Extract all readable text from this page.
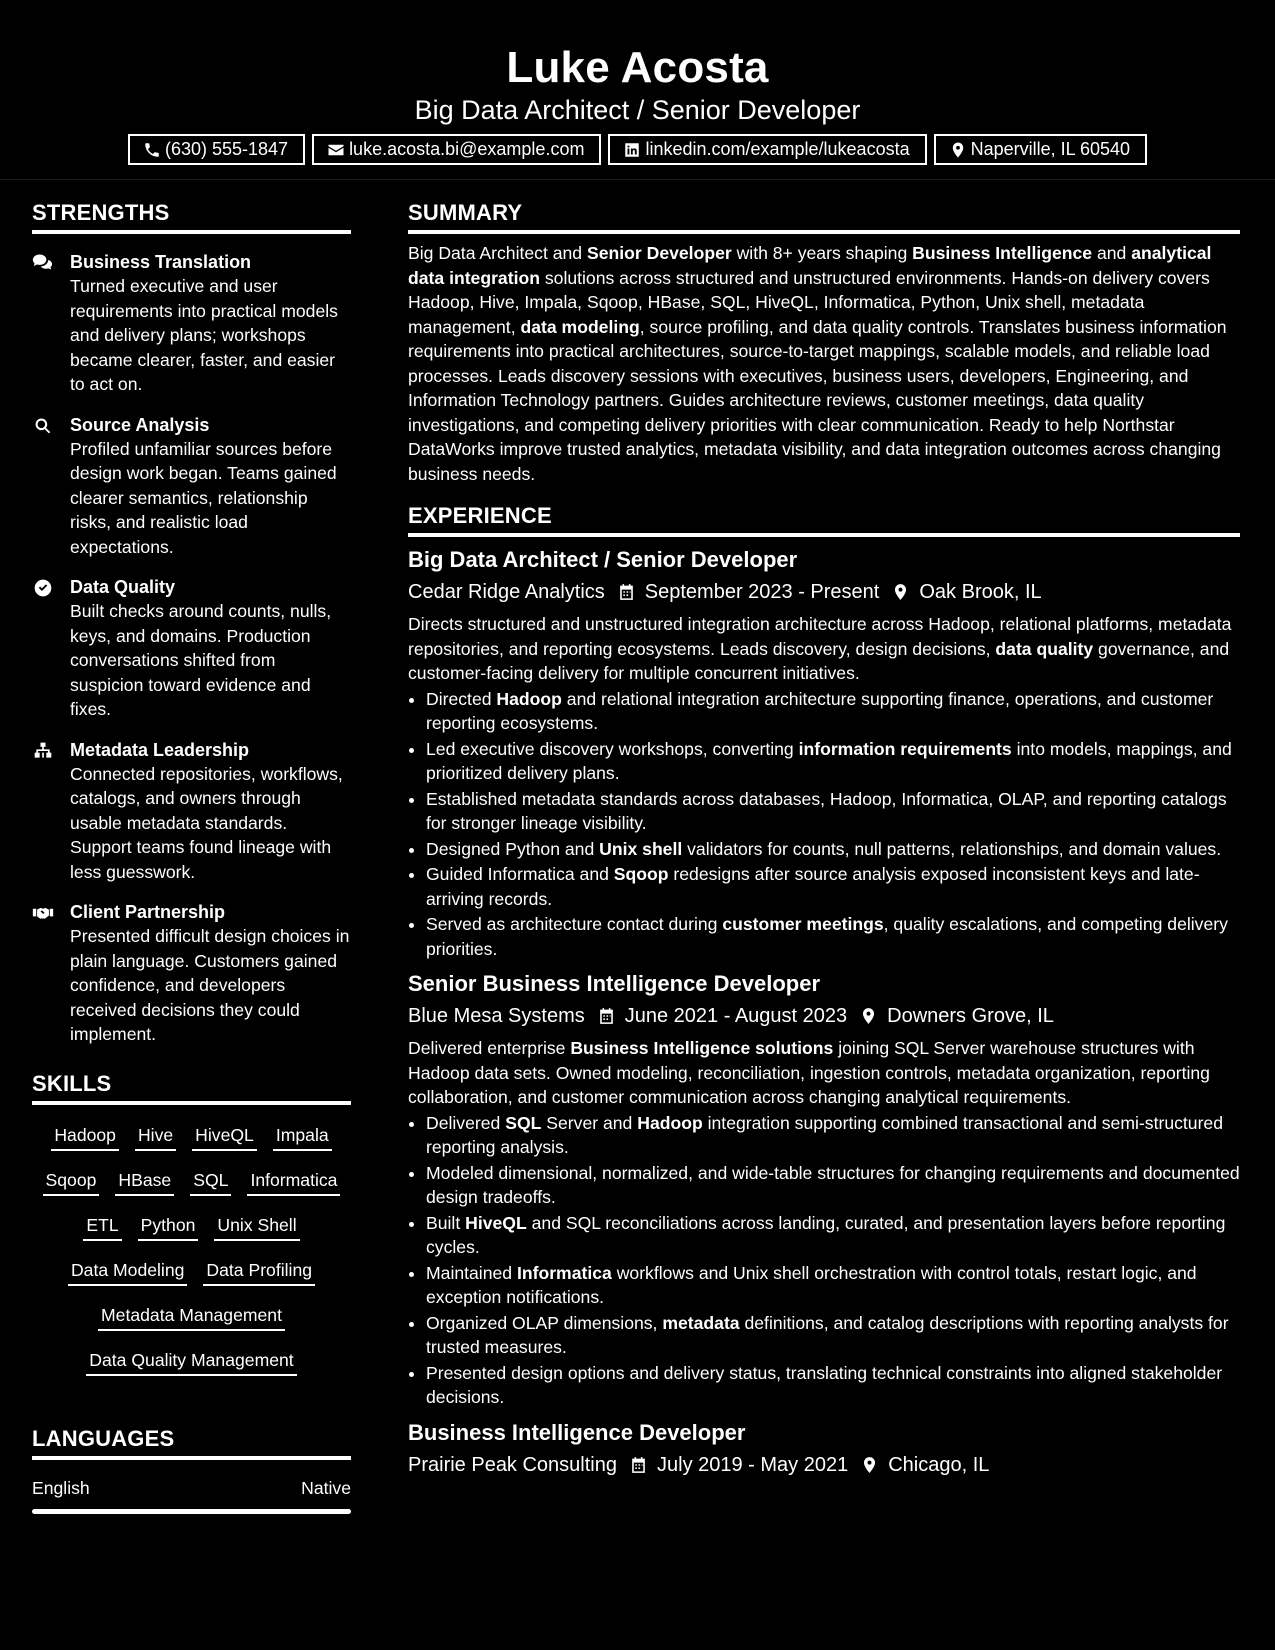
Luke Acosta
Big Data Architect / Senior Developer
(630) 555-1847	luke.acosta.bi@example.com	linkedin.com/example/lukeacosta	Naperville, IL 60540
STRENGTHS
Business Translation
Turned executive and user requirements into practical models and delivery plans; workshops became clearer, faster, and easier to act on.
Source Analysis
Profiled unfamiliar sources before design work began. Teams gained clearer semantics, relationship risks, and realistic load expectations.
Data Quality
Built checks around counts, nulls, keys, and domains. Production conversations shifted from suspicion toward evidence and fixes.
Metadata Leadership
Connected repositories, workflows, catalogs, and owners through usable metadata standards. Support teams found lineage with less guesswork.
Client Partnership
Presented difficult design choices in plain language. Customers gained confidence, and developers received decisions they could implement.
SKILLS
Hadoop Hive HiveQL Impala
Sqoop HBase SQL Informatica
ETL Python Unix Shell
Data Modeling Data Profiling
Metadata Management
Data Quality Management
LANGUAGES
English	Native
SUMMARY
Big Data Architect and Senior Developer with 8+ years shaping Business Intelligence and analytical data integration solutions across structured and unstructured environments. Hands-on delivery covers Hadoop, Hive, Impala, Sqoop, HBase, SQL, HiveQL, Informatica, Python, Unix shell, metadata management, data modeling, source profiling, and data quality controls. Translates business information requirements into practical architectures, source-to-target mappings, scalable models, and reliable load processes. Leads discovery sessions with executives, business users, developers, Engineering, and Information Technology partners. Guides architecture reviews, customer meetings, data quality investigations, and competing delivery priorities with clear communication. Ready to help Northstar DataWorks improve trusted analytics, metadata visibility, and data integration outcomes across changing business needs.
EXPERIENCE
Big Data Architect / Senior Developer
Cedar Ridge Analytics September 2023 - Present Oak Brook, IL
Directs structured and unstructured integration architecture across Hadoop, relational platforms, metadata repositories, and reporting ecosystems. Leads discovery, design decisions, data quality governance, and customer-facing delivery for multiple concurrent initiatives.
• Directed Hadoop and relational integration architecture supporting finance, operations, and customer reporting ecosystems.
• Led executive discovery workshops, converting information requirements into models, mappings, and prioritized delivery plans.
• Established metadata standards across databases, Hadoop, Informatica, OLAP, and reporting catalogs for stronger lineage visibility.
• Designed Python and Unix shell validators for counts, null patterns, relationships, and domain values.
• Guided Informatica and Sqoop redesigns after source analysis exposed inconsistent keys and late-arriving records.
• Served as architecture contact during customer meetings, quality escalations, and competing delivery priorities.
Senior Business Intelligence Developer
Blue Mesa Systems June 2021 - August 2023 Downers Grove, IL
Delivered enterprise Business Intelligence solutions joining SQL Server warehouse structures with Hadoop data sets. Owned modeling, reconciliation, ingestion controls, metadata organization, reporting collaboration, and customer communication across changing analytical requirements.
• Delivered SQL Server and Hadoop integration supporting combined transactional and semi-structured reporting analysis.
• Modeled dimensional, normalized, and wide-table structures for changing requirements and documented design tradeoffs.
• Built HiveQL and SQL reconciliations across landing, curated, and presentation layers before reporting cycles.
• Maintained Informatica workflows and Unix shell orchestration with control totals, restart logic, and exception notifications.
• Organized OLAP dimensions, metadata definitions, and catalog descriptions with reporting analysts for trusted measures.
• Presented design options and delivery status, translating technical constraints into aligned stakeholder decisions.
Business Intelligence Developer
Prairie Peak Consulting July 2019 - May 2021 Chicago, IL
